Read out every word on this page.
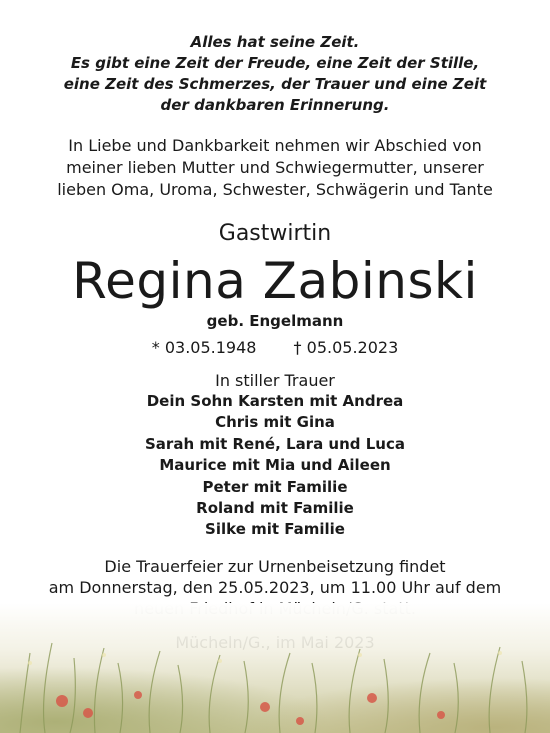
Alles hat seine Zeit.
Es gibt eine Zeit der Freude, eine Zeit der Stille,
eine Zeit des Schmerzes, der Trauer und eine Zeit
der dankbaren Erinnerung.
In Liebe und Dankbarkeit nehmen wir Abschied von
meiner lieben Mutter und Schwiegermutter, unserer
lieben Oma, Uroma, Schwester, Schwägerin und Tante
Gastwirtin
Regina Zabinski
geb. Engelmann
* 03.05.1948 † 05.05.2023
In stiller Trauer
Dein Sohn Karsten mit Andrea
Chris mit Gina
Sarah mit René, Lara und Luca
Maurice mit Mia und Aileen
Peter mit Familie
Roland mit Familie
Silke mit Familie
Die Trauerfeier zur Urnenbeisetzung findet
am Donnerstag, den 25.05.2023, um 11.00 Uhr auf dem
